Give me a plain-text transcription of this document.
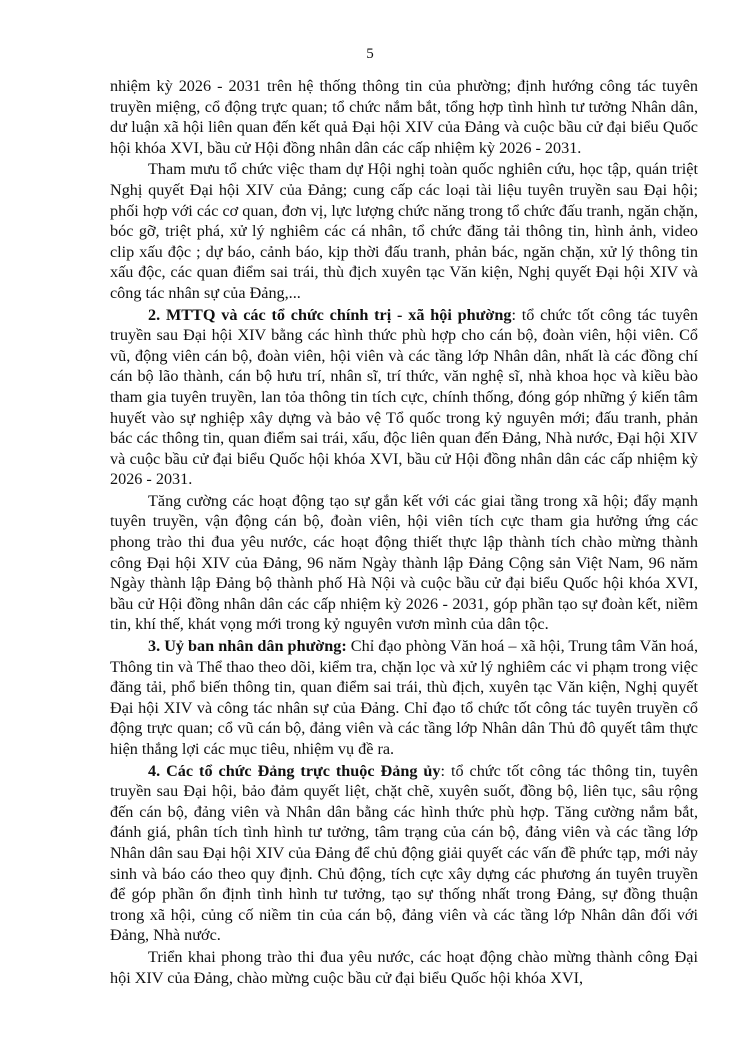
5

nhiệm kỳ 2026 - 2031 trên hệ thống thông tin của phường; định hướng công tác tuyên truyền miệng, cổ động trực quan; tổ chức nắm bắt, tổng hợp tình hình tư tưởng Nhân dân, dư luận xã hội liên quan đến kết quả Đại hội XIV của Đảng và cuộc bầu cử đại biểu Quốc hội khóa XVI, bầu cử Hội đồng nhân dân các cấp nhiệm kỳ 2026 - 2031.

Tham mưu tổ chức việc tham dự Hội nghị toàn quốc nghiên cứu, học tập, quán triệt Nghị quyết Đại hội XIV của Đảng; cung cấp các loại tài liệu tuyên truyền sau Đại hội; phối hợp với các cơ quan, đơn vị, lực lượng chức năng trong tổ chức đấu tranh, ngăn chặn, bóc gỡ, triệt phá, xử lý nghiêm các cá nhân, tổ chức đăng tải thông tin, hình ảnh, video clip xấu độc ; dự báo, cảnh báo, kịp thời đấu tranh, phản bác, ngăn chặn, xử lý thông tin xấu độc, các quan điểm sai trái, thù địch xuyên tạc Văn kiện, Nghị quyết Đại hội XIV và công tác nhân sự của Đảng,...

2. MTTQ và các tổ chức chính trị - xã hội phường: tổ chức tốt công tác tuyên truyền sau Đại hội XIV bằng các hình thức phù hợp cho cán bộ, đoàn viên, hội viên. Cổ vũ, động viên cán bộ, đoàn viên, hội viên và các tầng lớp Nhân dân, nhất là các đồng chí cán bộ lão thành, cán bộ hưu trí, nhân sĩ, trí thức, văn nghệ sĩ, nhà khoa học và kiều bào tham gia tuyên truyền, lan tỏa thông tin tích cực, chính thống, đóng góp những ý kiến tâm huyết vào sự nghiệp xây dựng và bảo vệ Tổ quốc trong kỷ nguyên mới; đấu tranh, phản bác các thông tin, quan điểm sai trái, xấu, độc liên quan đến Đảng, Nhà nước, Đại hội XIV và cuộc bầu cử đại biểu Quốc hội khóa XVI, bầu cử Hội đồng nhân dân các cấp nhiệm kỳ 2026 - 2031.

Tăng cường các hoạt động tạo sự gắn kết với các giai tầng trong xã hội; đẩy mạnh tuyên truyền, vận động cán bộ, đoàn viên, hội viên tích cực tham gia hưởng ứng các phong trào thi đua yêu nước, các hoạt động thiết thực lập thành tích chào mừng thành công Đại hội XIV của Đảng, 96 năm Ngày thành lập Đảng Cộng sản Việt Nam, 96 năm Ngày thành lập Đảng bộ thành phố Hà Nội và cuộc bầu cử đại biểu Quốc hội khóa XVI, bầu cử Hội đồng nhân dân các cấp nhiệm kỳ 2026 - 2031, góp phần tạo sự đoàn kết, niềm tin, khí thế, khát vọng mới trong kỷ nguyên vươn mình của dân tộc.

3. Uỷ ban nhân dân phường: Chỉ đạo phòng Văn hoá – xã hội, Trung tâm Văn hoá, Thông tin và Thể thao theo dõi, kiểm tra, chặn lọc và xử lý nghiêm các vi phạm trong việc đăng tải, phổ biến thông tin, quan điểm sai trái, thù địch, xuyên tạc Văn kiện, Nghị quyết Đại hội XIV và công tác nhân sự của Đảng. Chỉ đạo tổ chức tốt công tác tuyên truyền cổ động trực quan; cổ vũ cán bộ, đảng viên và các tầng lớp Nhân dân Thủ đô quyết tâm thực hiện thắng lợi các mục tiêu, nhiệm vụ đề ra.

4. Các tổ chức Đảng trực thuộc Đảng ủy: tổ chức tốt công tác thông tin, tuyên truyền sau Đại hội, bảo đảm quyết liệt, chặt chẽ, xuyên suốt, đồng bộ, liên tục, sâu rộng đến cán bộ, đảng viên và Nhân dân bằng các hình thức phù hợp. Tăng cường nắm bắt, đánh giá, phân tích tình hình tư tưởng, tâm trạng của cán bộ, đảng viên và các tầng lớp Nhân dân sau Đại hội XIV của Đảng để chủ động giải quyết các vấn đề phức tạp, mới nảy sinh và báo cáo theo quy định. Chủ động, tích cực xây dựng các phương án tuyên truyền để góp phần ổn định tình hình tư tưởng, tạo sự thống nhất trong Đảng, sự đồng thuận trong xã hội, củng cố niềm tin của cán bộ, đảng viên và các tầng lớp Nhân dân đối với Đảng, Nhà nước.

Triển khai phong trào thi đua yêu nước, các hoạt động chào mừng thành công Đại hội XIV của Đảng, chào mừng cuộc bầu cử đại biểu Quốc hội khóa XVI,
